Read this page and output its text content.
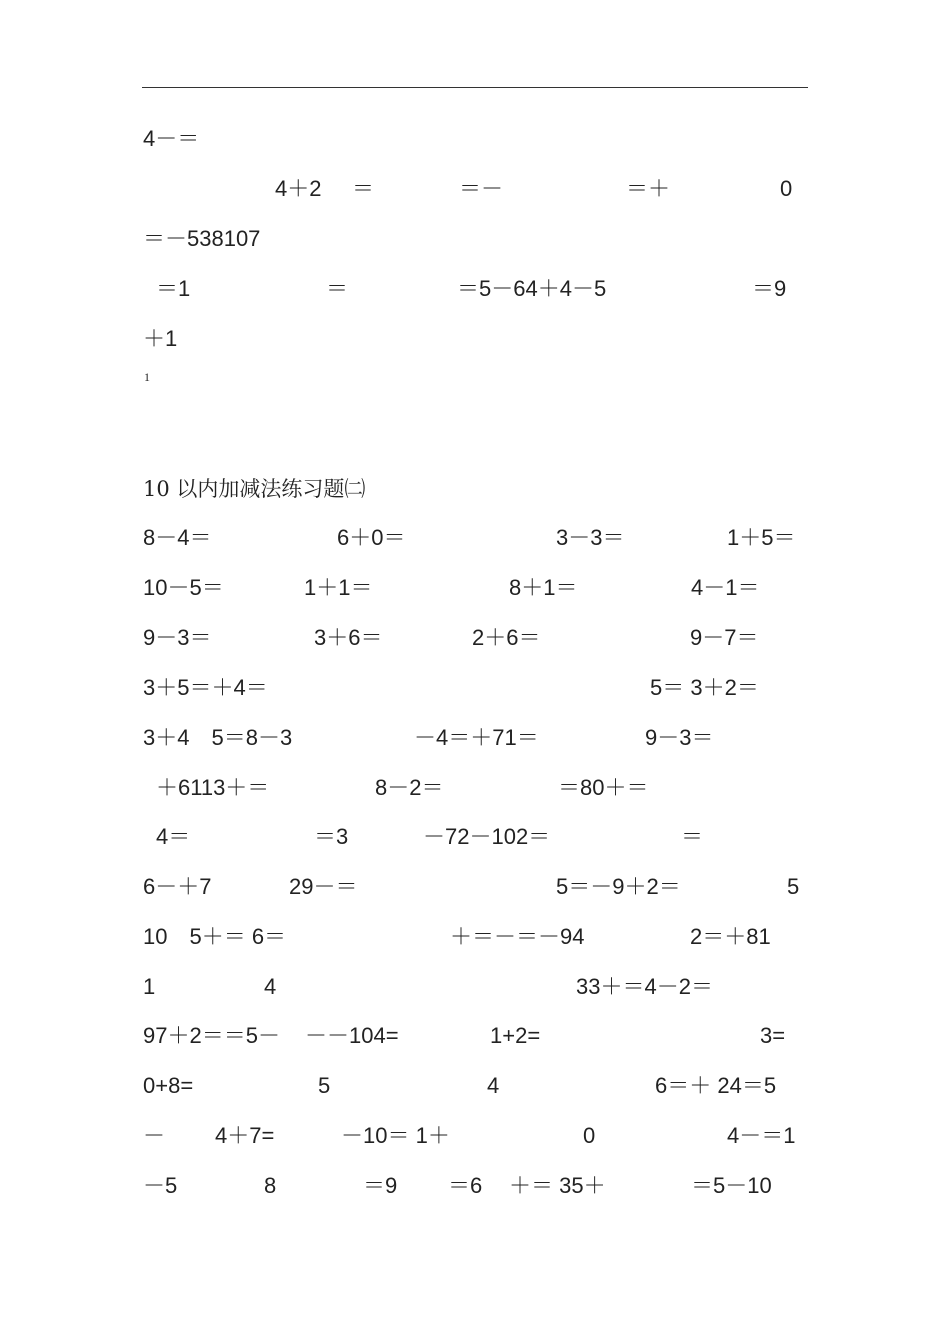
4－＝
4＋2 ＝	＝－	＝＋	0
＝－538107
＝1	＝	＝5－64＋4－5	＝9
＋1
1
10 以内加减法练习题㈡
8－4＝	6＋0＝	3－3＝	1＋5＝
10－5＝	1＋1＝	8＋1＝	4－1＝
9－3＝	3＋6＝	2＋6＝	9－7＝
3＋5＝＋4＝	5＝ 3＋2＝
3＋4　5＝8－3	－4＝＋71＝	9－3＝
＋6113＋＝	8－2＝	＝80＋＝
4＝	＝3	－72－102＝	＝
6－＋7	29－＝	5＝－9＋2＝	5
10　5＋＝ 6＝	＋＝－＝－94	2＝＋81
1	4	33＋＝4－2＝
97＋2＝＝5－ －－104=	1+2=	3=
0+8=	5	4	6＝＋ 24＝5
－ 4＋7=	－10＝ 1＋	0	4－＝1
－5	8	＝9 ＝6 ＋＝ 35＋	＝5－10
